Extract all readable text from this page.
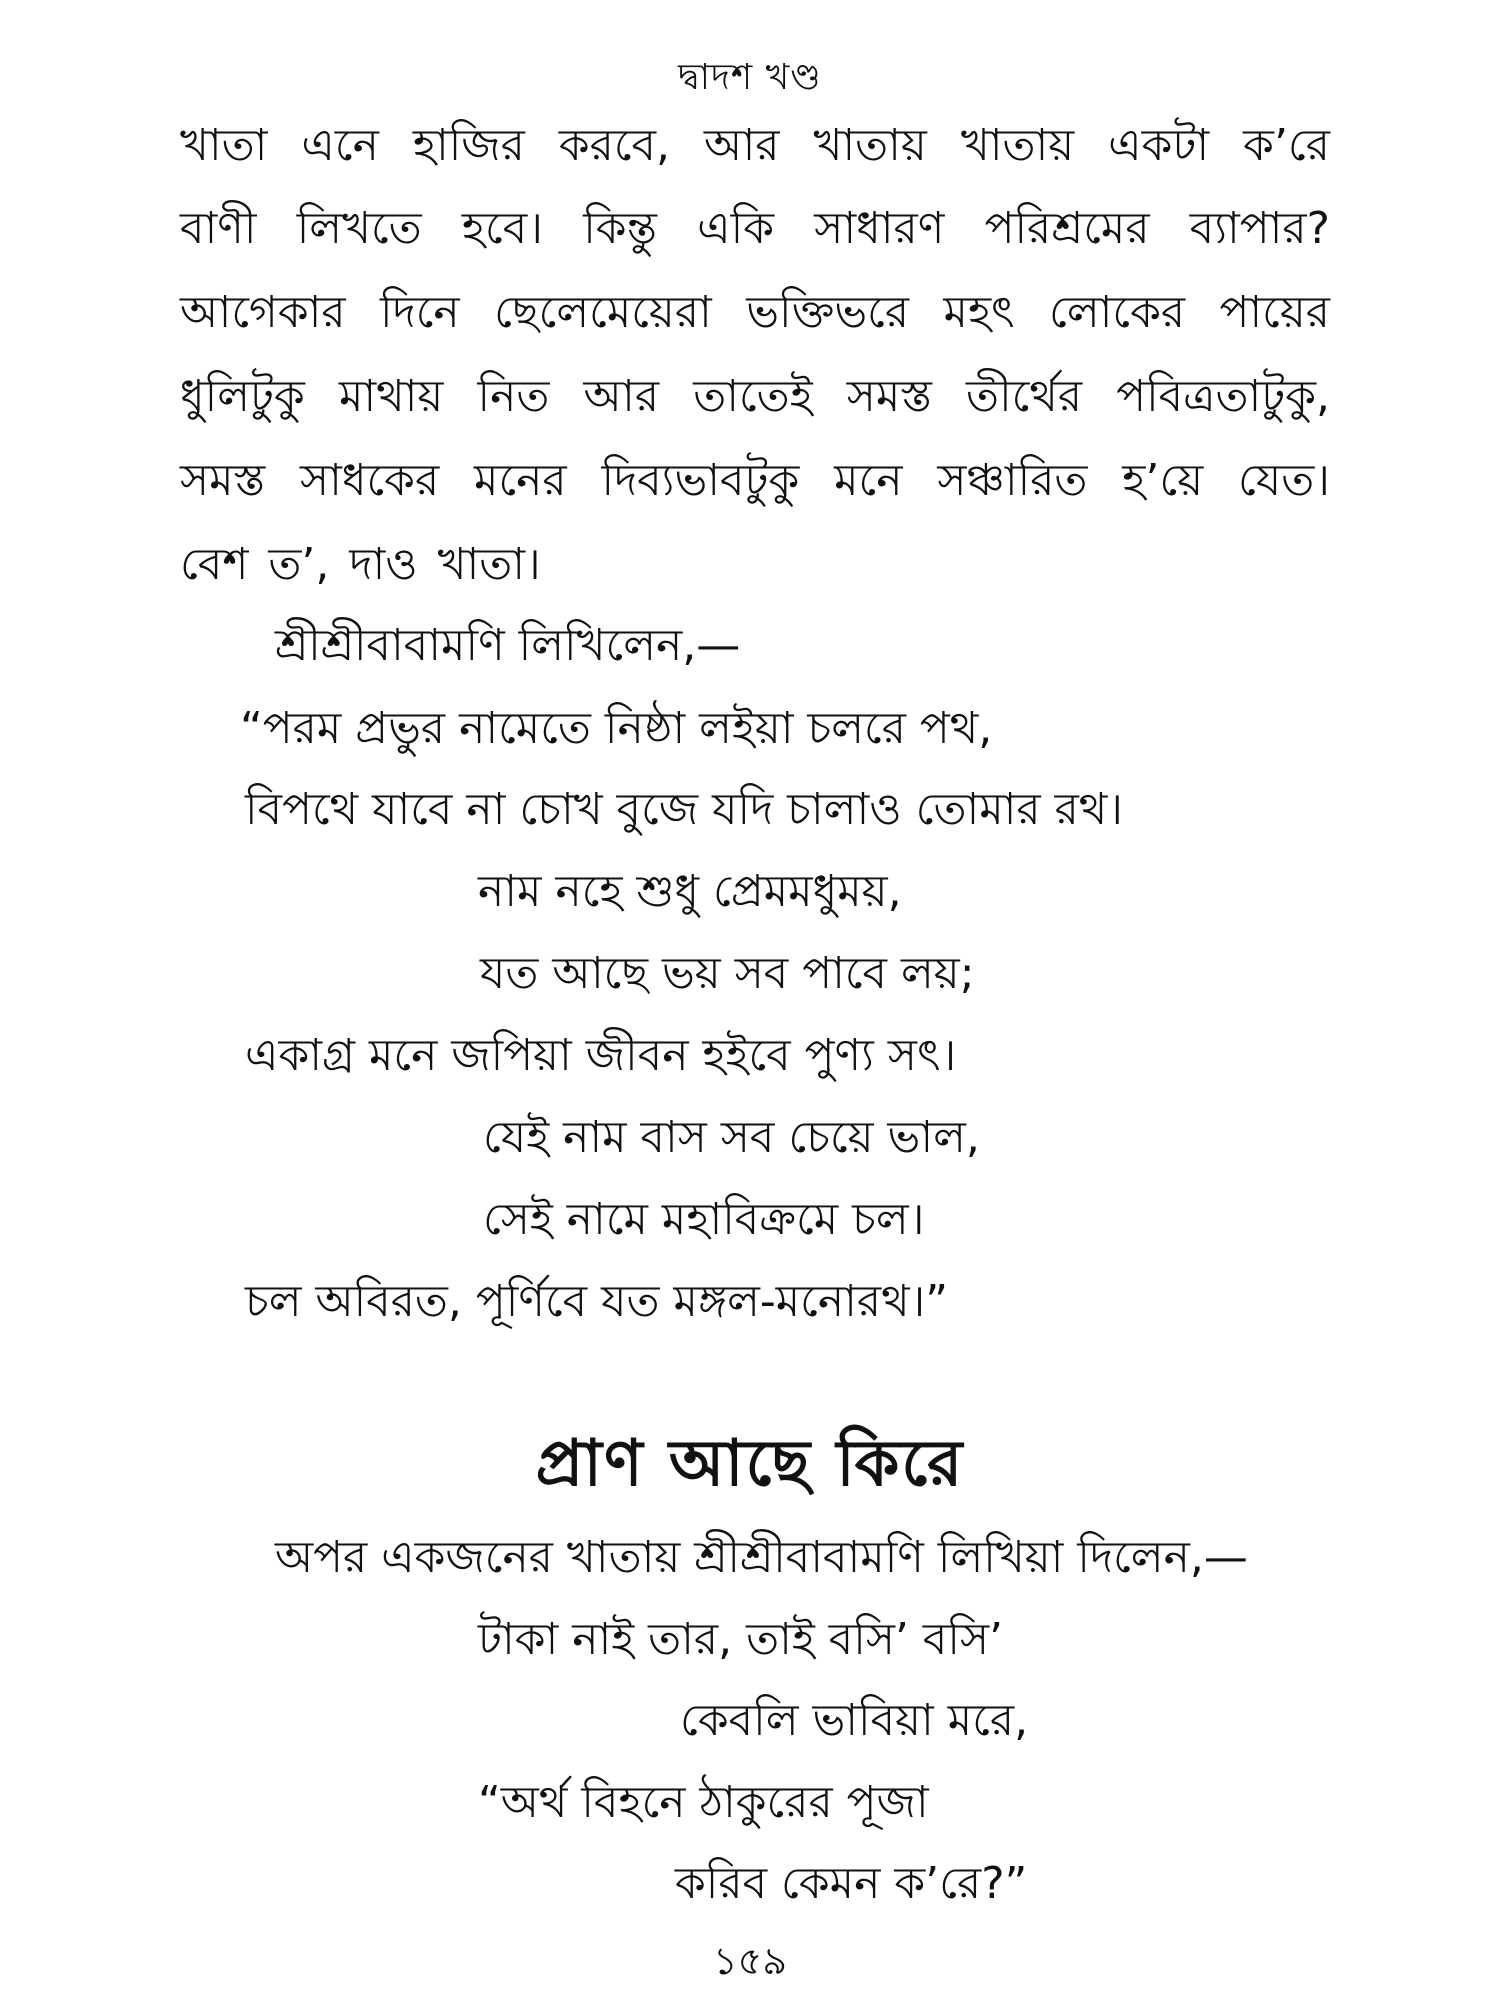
দ্বাদশ খণ্ড
খাতা এনে হাজির করবে, আর খাতায় খাতায় একটা ক’রে
বাণী লিখতে হবে। কিন্তু একি সাধারণ পরিশ্রমের ব্যাপার?
আগেকার দিনে ছেলেমেয়েরা ভক্তিভরে মহৎ লোকের পায়ের
ধুলিটুকু মাথায় নিত আর তাতেই সমস্ত তীর্থের পবিত্রতাটুকু,
সমস্ত সাধকের মনের দিব্যভাবটুকু মনে সঞ্চারিত হ’য়ে যেত।
বেশ ত’, দাও খাতা।
শ্রীশ্রীবাবামণি লিখিলেন,—
“পরম প্রভুর নামেতে নিষ্ঠা লইয়া চলরে পথ,
বিপথে যাবে না চোখ বুজে যদি চালাও তোমার রথ।
নাম নহে শুধু প্রেমমধুময়,
যত আছে ভয় সব পাবে লয়;
একাগ্র মনে জপিয়া জীবন হইবে পুণ্য সৎ।
যেই নাম বাস সব চেয়ে ভাল,
সেই নামে মহাবিক্রমে চল।
চল অবিরত, পূর্ণিবে যত মঙ্গল-মনোরথ।”
প্রাণ আছে কিরে
অপর একজনের খাতায় শ্রীশ্রীবাবামণি লিখিয়া দিলেন,—
টাকা নাই তার, তাই বসি’ বসি’
কেবলি ভাবিয়া মরে,
“অর্থ বিহনে ঠাকুরের পূজা
করিব কেমন ক’রে?”
১৫৯
